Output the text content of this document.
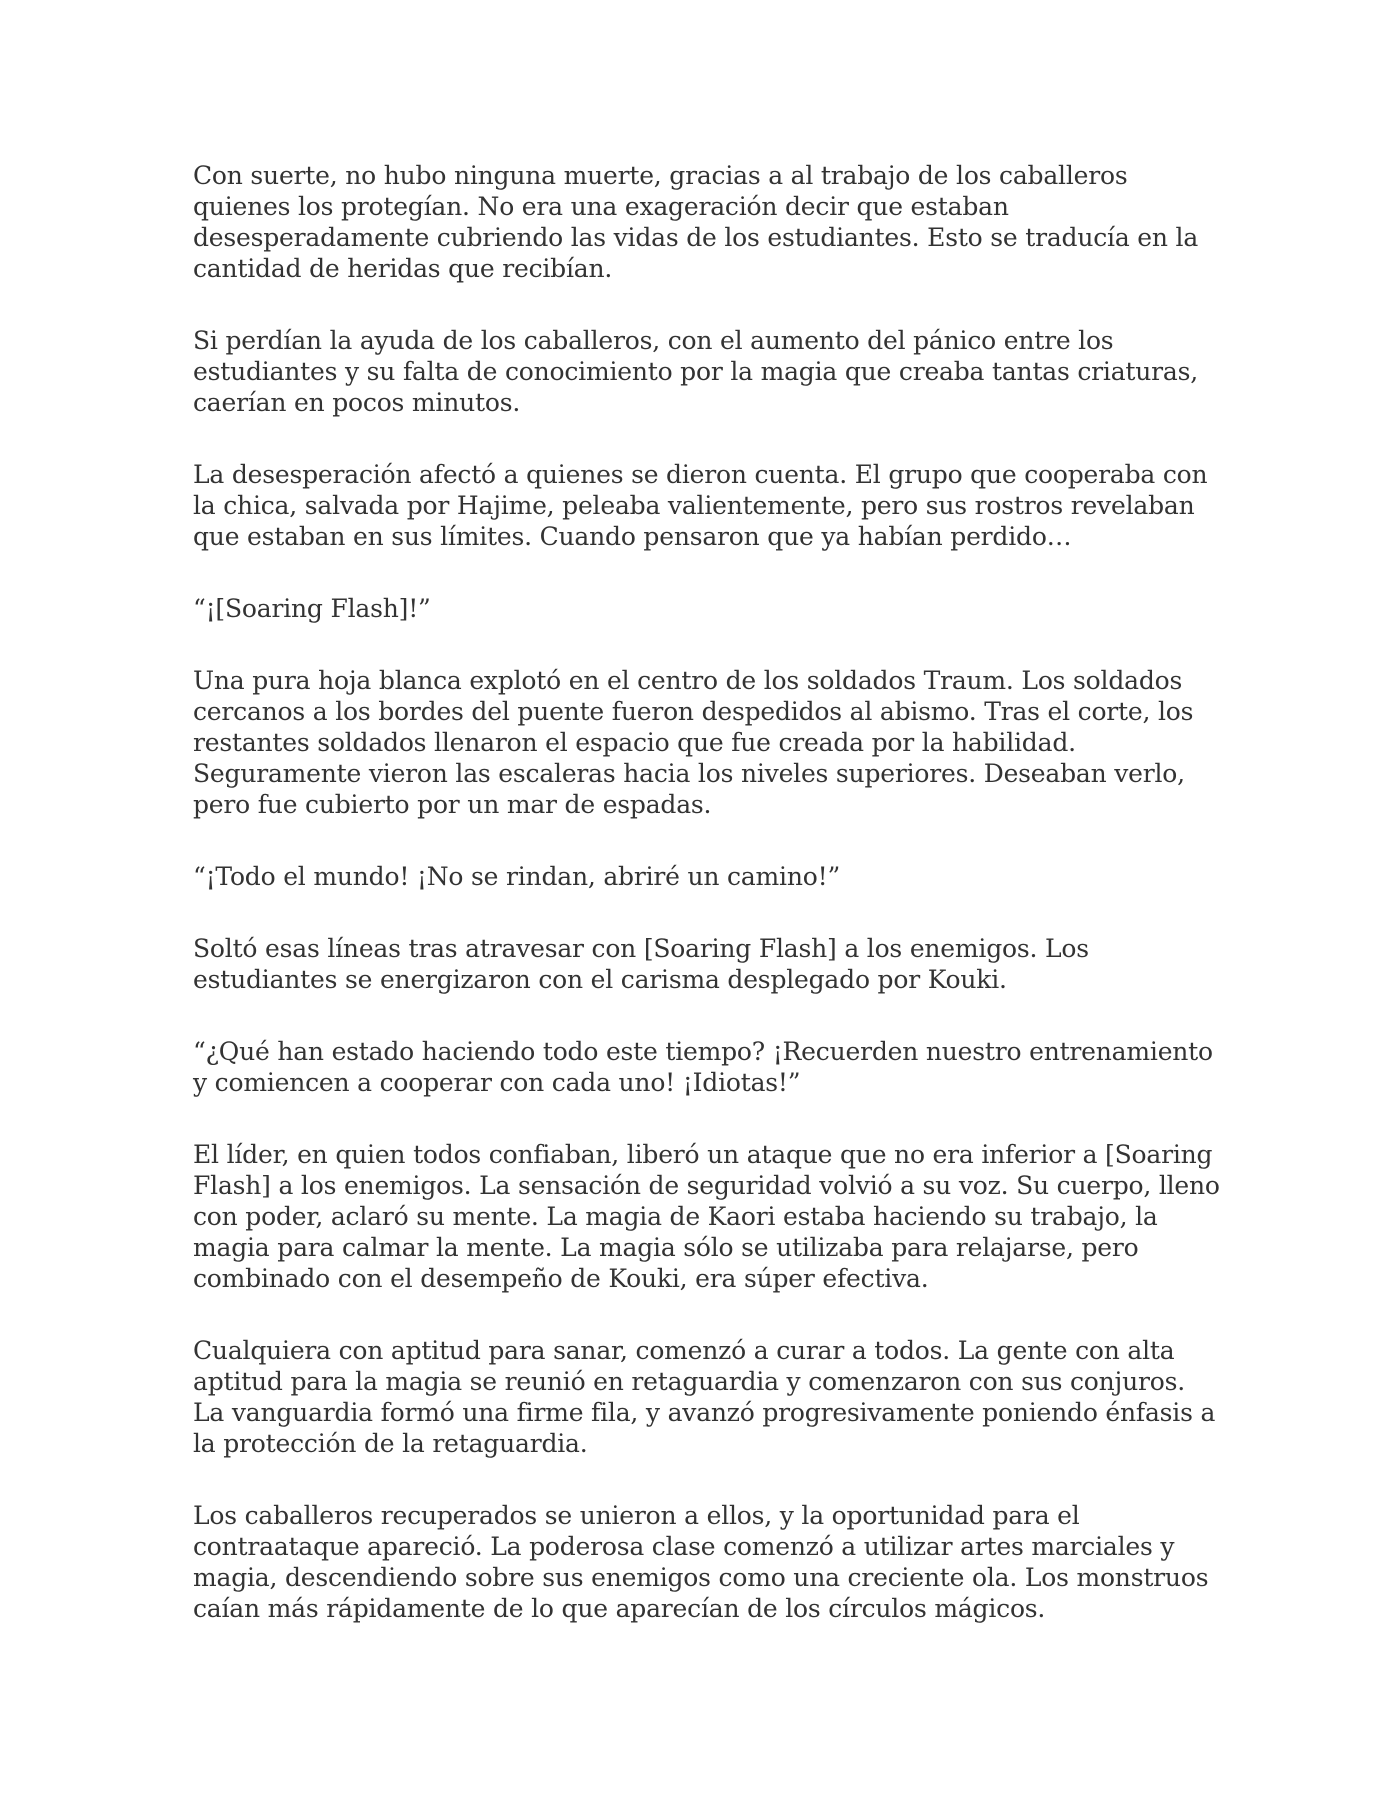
Con suerte, no hubo ninguna muerte, gracias a al trabajo de los caballeros quienes los protegían. No era una exageración decir que estaban desesperadamente cubriendo las vidas de los estudiantes. Esto se traducía en la cantidad de heridas que recibían.

Si perdían la ayuda de los caballeros, con el aumento del pánico entre los estudiantes y su falta de conocimiento por la magia que creaba tantas criaturas, caerían en pocos minutos.

La desesperación afectó a quienes se dieron cuenta. El grupo que cooperaba con la chica, salvada por Hajime, peleaba valientemente, pero sus rostros revelaban que estaban en sus límites. Cuando pensaron que ya habían perdido…

“¡[Soaring Flash]!”

Una pura hoja blanca explotó en el centro de los soldados Traum. Los soldados cercanos a los bordes del puente fueron despedidos al abismo. Tras el corte, los restantes soldados llenaron el espacio que fue creada por la habilidad. Seguramente vieron las escaleras hacia los niveles superiores. Deseaban verlo, pero fue cubierto por un mar de espadas.

“¡Todo el mundo! ¡No se rindan, abriré un camino!”

Soltó esas líneas tras atravesar con [Soaring Flash] a los enemigos. Los estudiantes se energizaron con el carisma desplegado por Kouki.

“¿Qué han estado haciendo todo este tiempo? ¡Recuerden nuestro entrenamiento y comiencen a cooperar con cada uno! ¡Idiotas!”

El líder, en quien todos confiaban, liberó un ataque que no era inferior a [Soaring Flash] a los enemigos. La sensación de seguridad volvió a su voz. Su cuerpo, lleno con poder, aclaró su mente. La magia de Kaori estaba haciendo su trabajo, la magia para calmar la mente. La magia sólo se utilizaba para relajarse, pero combinado con el desempeño de Kouki, era súper efectiva.

Cualquiera con aptitud para sanar, comenzó a curar a todos. La gente con alta aptitud para la magia se reunió en retaguardia y comenzaron con sus conjuros. La vanguardia formó una firme fila, y avanzó progresivamente poniendo énfasis a la protección de la retaguardia.

Los caballeros recuperados se unieron a ellos, y la oportunidad para el contraataque apareció. La poderosa clase comenzó a utilizar artes marciales y magia, descendiendo sobre sus enemigos como una creciente ola. Los monstruos caían más rápidamente de lo que aparecían de los círculos mágicos.
